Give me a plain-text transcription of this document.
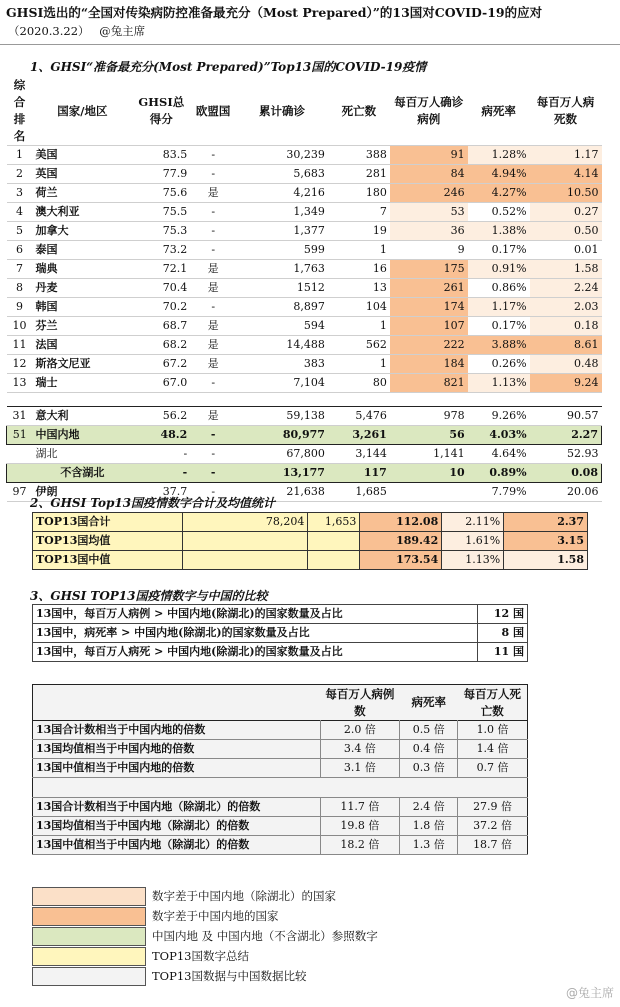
GHSI选出的“全国对传染病防控准备最充分（Most Prepared）”的13国对COVID-19的应对
（2020.3.22） @兔主席
1、GHSI“准备最充分(Most Prepared)”Top13国的COVID-19疫情
综合排名	国家/地区	GHSI总得分	欧盟国	累计确诊	死亡数	每百万人确诊病例	病死率	每百万人病死数
1	美国	83.5	-	30,239	388	91	1.28%	1.17
2	英国	77.9	-	5,683	281	84	4.94%	4.14
3	荷兰	75.6	是	4,216	180	246	4.27%	10.50
4	澳大利亚	75.5	-	1,349	7	53	0.52%	0.27
5	加拿大	75.3	-	1,377	19	36	1.38%	0.50
6	泰国	73.2	-	599	1	9	0.17%	0.01
7	瑞典	72.1	是	1,763	16	175	0.91%	1.58
8	丹麦	70.4	是	1512	13	261	0.86%	2.24
9	韩国	70.2	-	8,897	104	174	1.17%	2.03
10	芬兰	68.7	是	594	1	107	0.17%	0.18
11	法国	68.2	是	14,488	562	222	3.88%	8.61
12	斯洛文尼亚	67.2	是	383	1	184	0.26%	0.48
13	瑞士	67.0	-	7,104	80	821	1.13%	9.24

31	意大利	56.2	是	59,138	5,476	978	9.26%	90.57
51	中国内地	48.2	-	80,977	3,261	56	4.03%	2.27
	湖北	-	-	67,800	3,144	1,141	4.64%	52.93
	不含湖北	-	-	13,177	117	10	0.89%	0.08
97	伊朗	37.7	-	21,638	1,685		7.79%	20.06
2、GHSI Top13国疫情数字合计及均值统计
TOP13国合计	78,204	1,653	112.08	2.11%	2.37
TOP13国均值			189.42	1.61%	3.15
TOP13国中值			173.54	1.13%	1.58
3、GHSI TOP13国疫情数字与中国的比较
13国中，每百万人病例 > 中国内地(除湖北)的国家数量及占比	12 国
13国中，病死率 > 中国内地(除湖北)的国家数量及占比	8 国
13国中，每百万人病死 > 中国内地(除湖北)的国家数量及占比	11 国
	每百万人病例数	病死率	每百万人死亡数
13国合计数相当于中国内地的倍数	2.0 倍	0.5 倍	1.0 倍
13国均值相当于中国内地的倍数	3.4 倍	0.4 倍	1.4 倍
13国中值相当于中国内地的倍数	3.1 倍	0.3 倍	0.7 倍

13国合计数相当于中国内地（除湖北）的倍数	11.7 倍	2.4 倍	27.9 倍
13国均值相当于中国内地（除湖北）的倍数	19.8 倍	1.8 倍	37.2 倍
13国中值相当于中国内地（除湖北）的倍数	18.2 倍	1.3 倍	18.7 倍
数字差于中国内地（除湖北）的国家
数字差于中国内地的国家
中国内地 及 中国内地（不含湖北）参照数字
TOP13国数字总结
TOP13国数据与中国数据比较
@兔主席
